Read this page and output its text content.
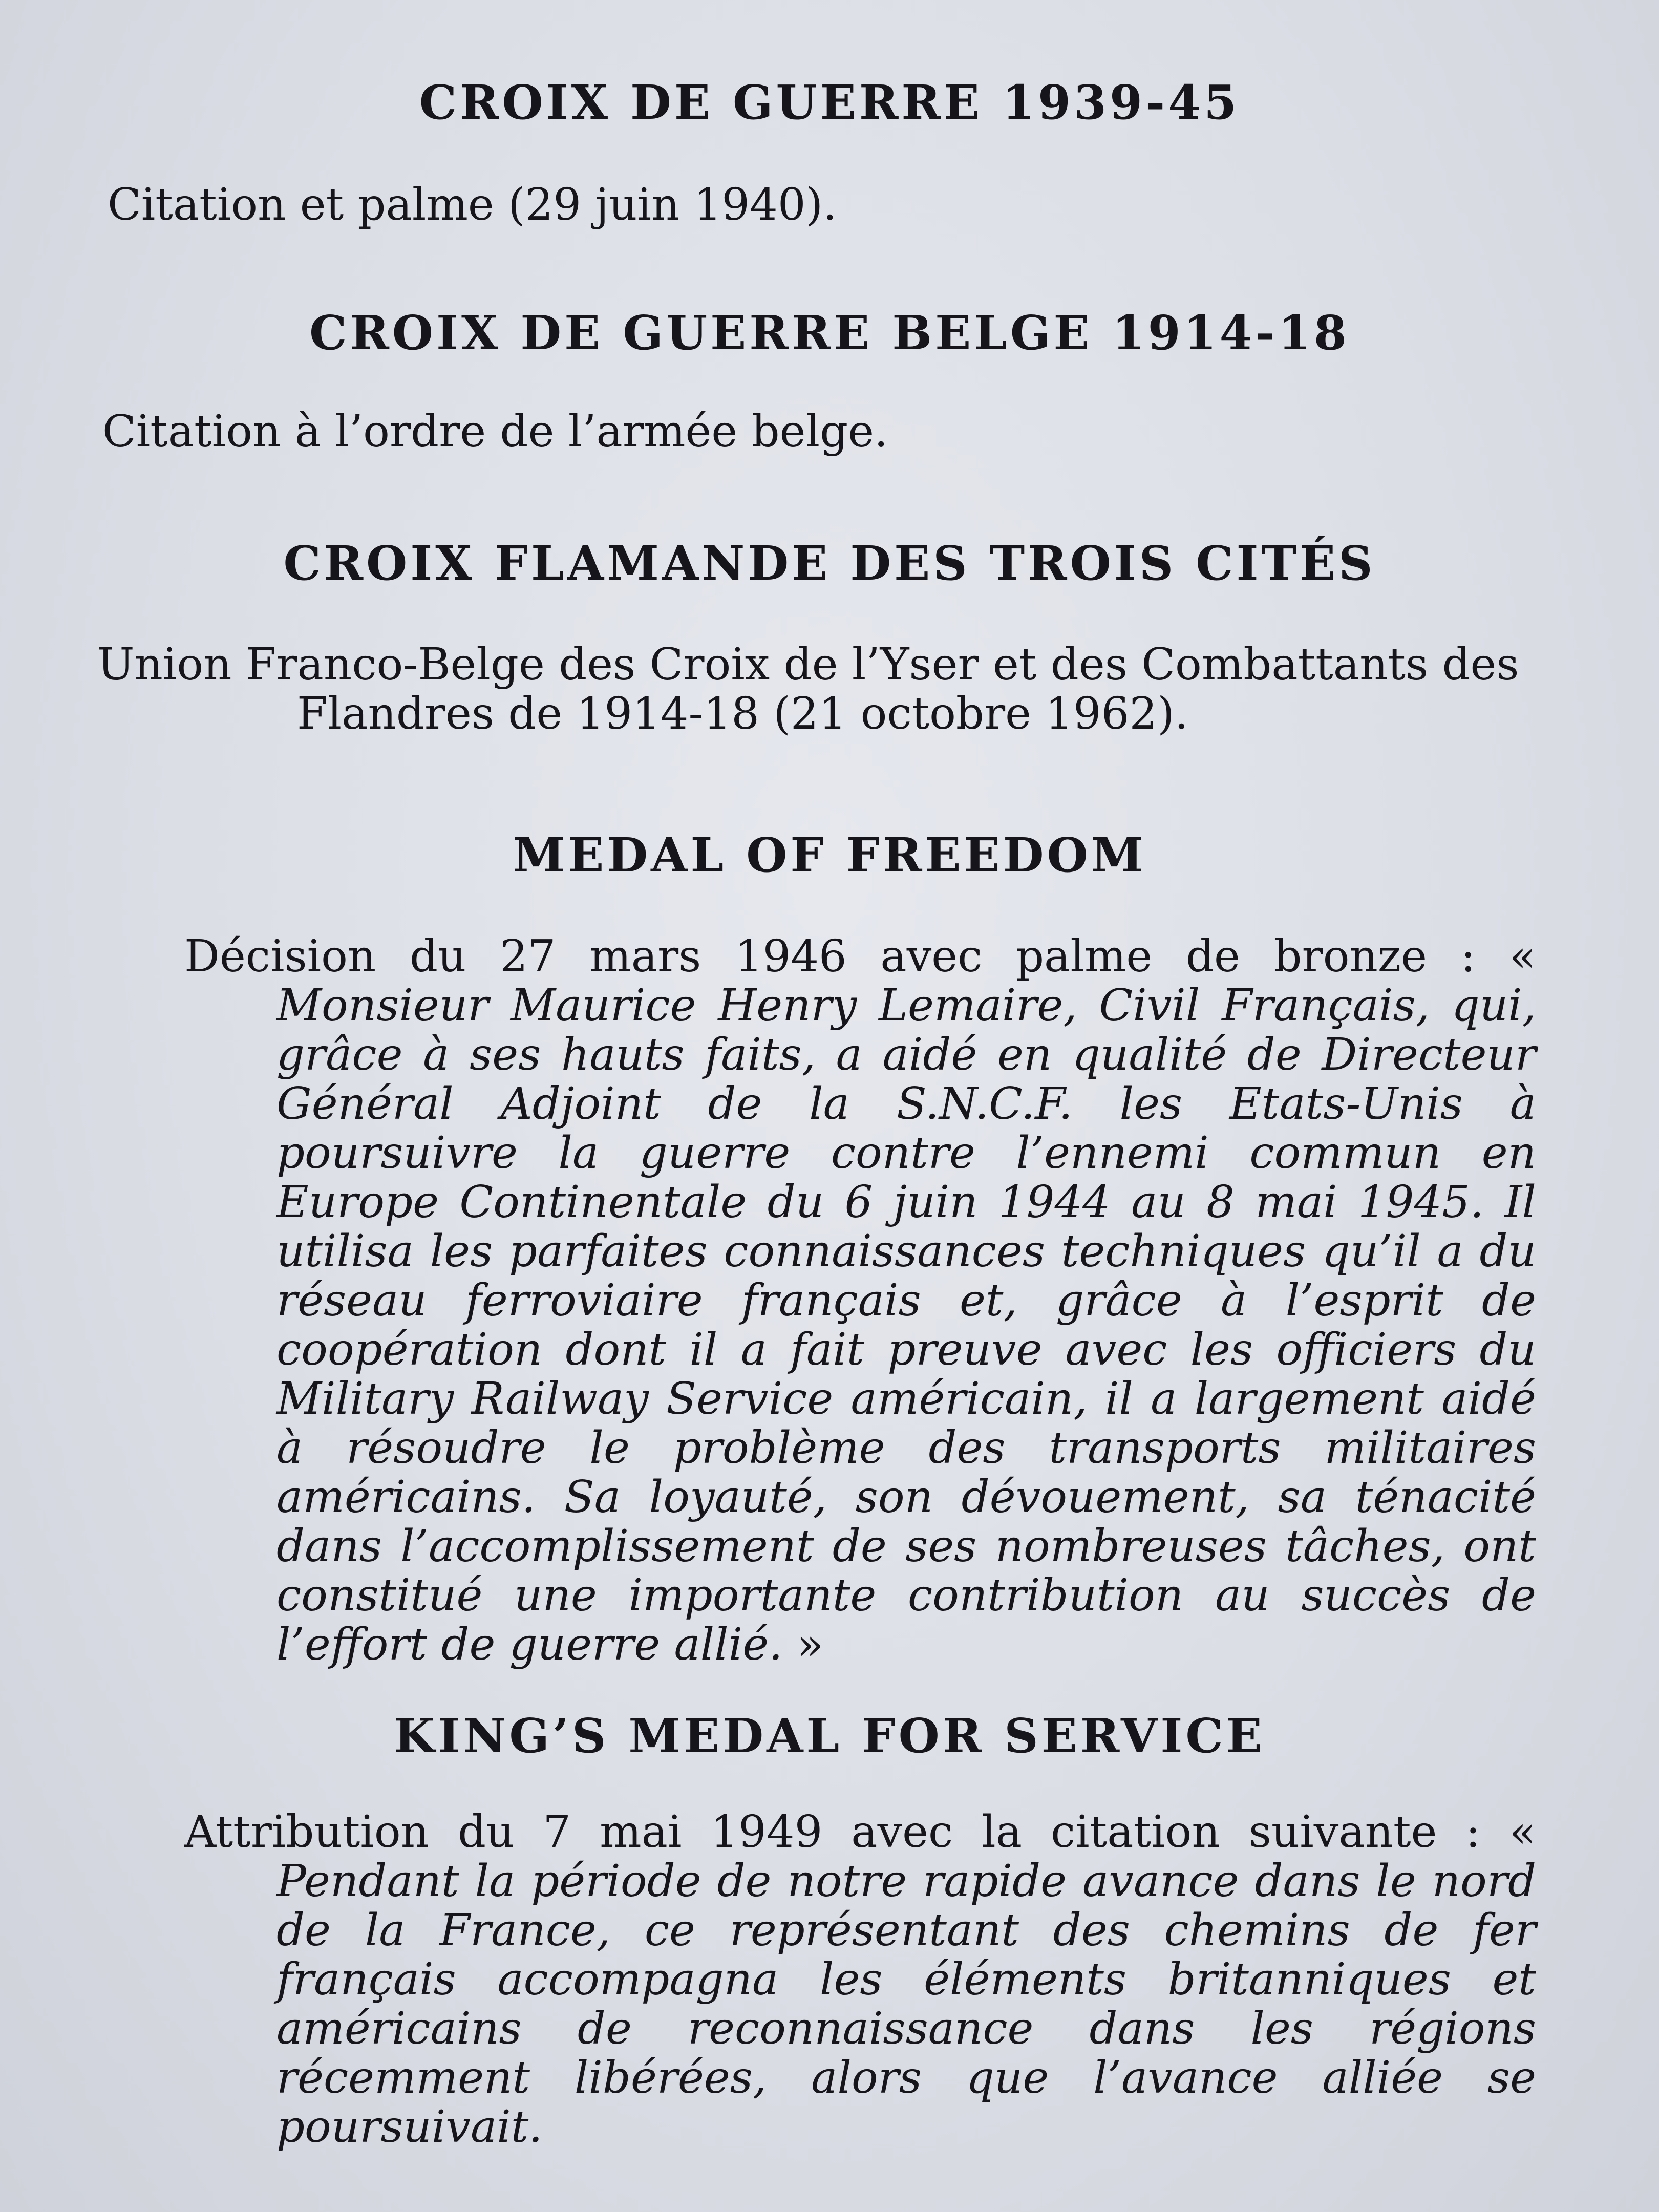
CROIX DE GUERRE 1939-45

Citation et palme (29 juin 1940).

CROIX DE GUERRE BELGE 1914-18

Citation à l’ordre de l’armée belge.

CROIX FLAMANDE DES TROIS CITÉS

Union Franco-Belge des Croix de l’Yser et des Combattants des
Flandres de 1914-18 (21 octobre 1962).

MEDAL OF FREEDOM

Décision du 27 mars 1946 avec palme de bronze : « Monsieur Maurice Henry Lemaire, Civil Français, qui, grâce à ses hauts faits, a aidé en qualité de Directeur Général Adjoint de la S.N.C.F. les Etats-Unis à poursuivre la guerre contre l’ennemi commun en Europe Continentale du 6 juin 1944 au 8 mai 1945. Il utilisa les parfaites connaissances techniques qu’il a du réseau ferroviaire français et, grâce à l’esprit de coopération dont il a fait preuve avec les officiers du Military Railway Service américain, il a largement aidé à résoudre le problème des transports militaires américains. Sa loyauté, son dévouement, sa ténacité dans l’accomplissement de ses nombreuses tâches, ont constitué une importante contribution au succès de l’effort de guerre allié. »

KING’S MEDAL FOR SERVICE

Attribution du 7 mai 1949 avec la citation suivante : « Pendant la période de notre rapide avance dans le nord de la France, ce représentant des chemins de fer français accompagna les éléments britanniques et américains de reconnaissance dans les régions récemment libérées, alors que l’avance alliée se poursuivait.
